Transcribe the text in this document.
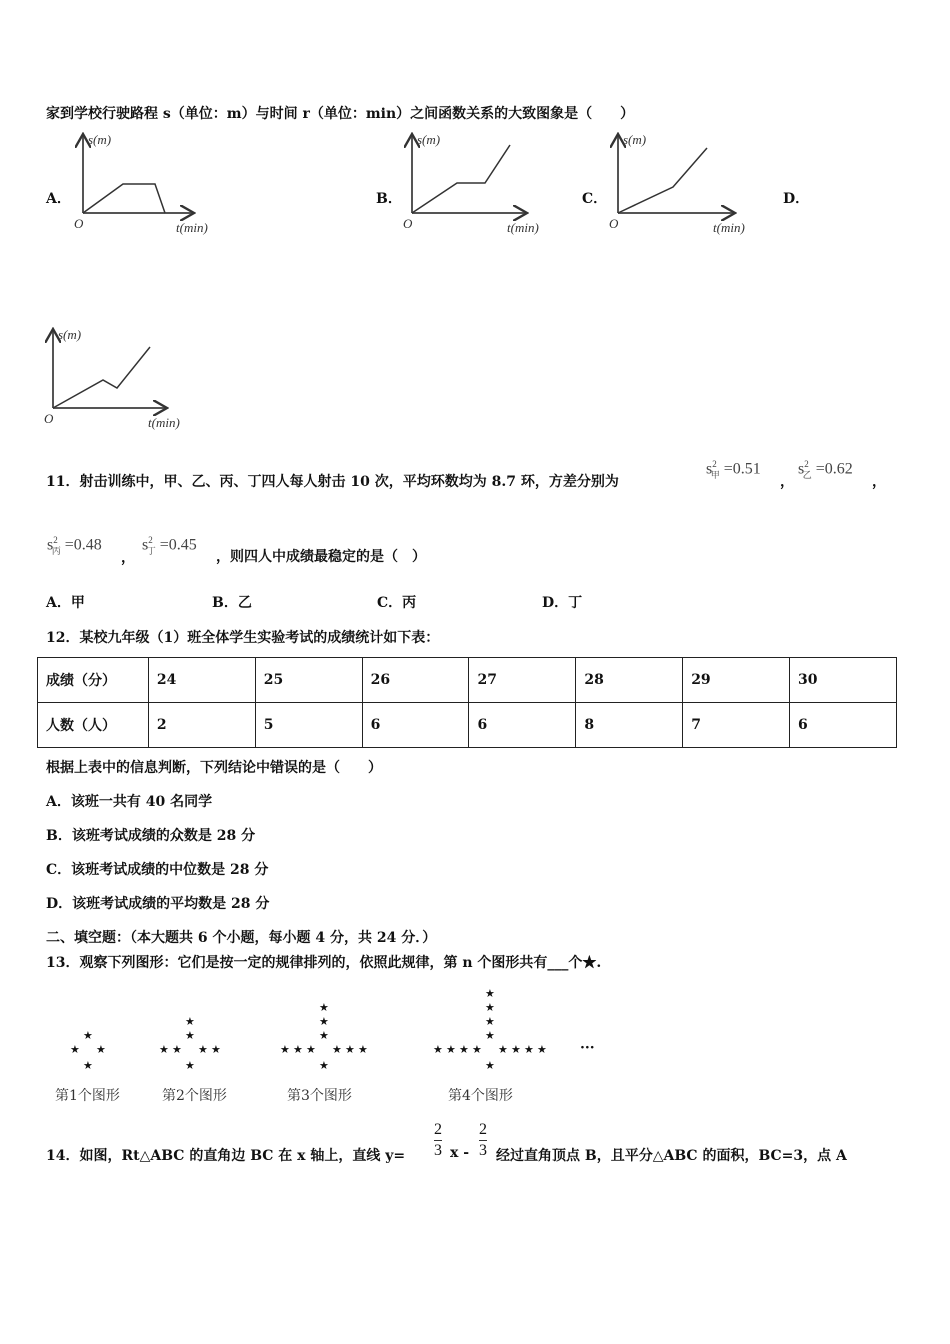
家到学校行驶路程 s（单位：m）与时间 r（单位：min）之间函数关系的大致图象是（　　）
A．
s(m)
O	t(min)
B．
s(m)
O	t(min)
C．
s(m)
O	t(min)
D．
s(m)
O	t(min)
11．射击训练中，甲、乙、丙、丁四人每人射击 10 次，平均环数均为 8.7 环，方差分别为
$s^2_甲 =0.51$
，
$s^2_乙 =0.62$
，
$s^2_丙 =0.48$
，
$s^2_丁 =0.45$
，则四人中成绩最稳定的是（　）
A．甲	B．乙	C．丙	D．丁
12．某校九年级（1）班全体学生实验考试的成绩统计如下表：
成绩（分）	24	25	26	27	28	29	30
人数（人）	2	5	6	6	8	7	6
根据上表中的信息判断，下列结论中错误的是（　　）
A．该班一共有 40 名同学
B．该班考试成绩的众数是 28 分
C．该班考试成绩的中位数是 28 分
D．该班考试成绩的平均数是 28 分
二、填空题：（本大题共 6 个小题，每小题 4 分，共 24 分．）
13．观察下列图形：它们是按一定的规律排列的，依照此规律，第 n 个图形共有___个★.
★
★ ★
★
★
★ ★
★
★	★
★
★
★ ★
★
★	★
★
★	★
★
★
★ ★
★
★	★
★
★	★
★
★	★
★
第1个图形	第2个图形	第3个图形	第4个图形
···
14．如图，Rt△ABC 的直角边 BC 在 x 轴上，直线 y=
2
3 x -
2
3 经过直角顶点 B，且平分△ABC 的面积，BC=3，点 A
